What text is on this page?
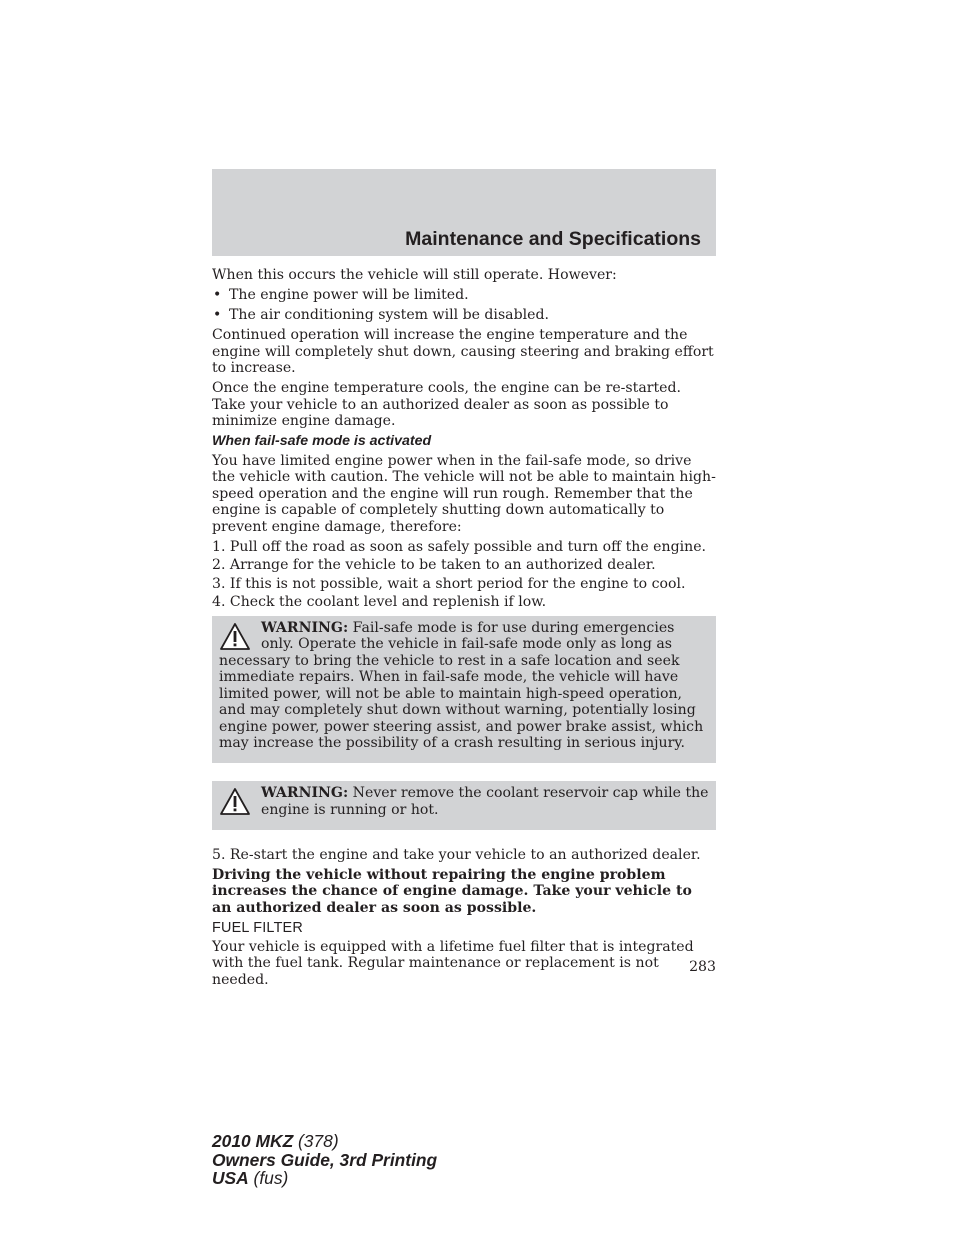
Maintenance and Specifications

When this occurs the vehicle will still operate. However:

• The engine power will be limited.
• The air conditioning system will be disabled.

Continued operation will increase the engine temperature and the engine will completely shut down, causing steering and braking effort to increase.

Once the engine temperature cools, the engine can be re-started. Take your vehicle to an authorized dealer as soon as possible to minimize engine damage.

When fail-safe mode is activated

You have limited engine power when in the fail-safe mode, so drive the vehicle with caution. The vehicle will not be able to maintain high-speed operation and the engine will run rough. Remember that the engine is capable of completely shutting down automatically to prevent engine damage, therefore:

1. Pull off the road as soon as safely possible and turn off the engine.
2. Arrange for the vehicle to be taken to an authorized dealer.
3. If this is not possible, wait a short period for the engine to cool.
4. Check the coolant level and replenish if low.

WARNING: Fail-safe mode is for use during emergencies only. Operate the vehicle in fail-safe mode only as long as necessary to bring the vehicle to rest in a safe location and seek immediate repairs. When in fail-safe mode, the vehicle will have limited power, will not be able to maintain high-speed operation, and may completely shut down without warning, potentially losing engine power, power steering assist, and power brake assist, which may increase the possibility of a crash resulting in serious injury.

WARNING: Never remove the coolant reservoir cap while the engine is running or hot.

5. Re-start the engine and take your vehicle to an authorized dealer.

Driving the vehicle without repairing the engine problem increases the chance of engine damage. Take your vehicle to an authorized dealer as soon as possible.

FUEL FILTER

Your vehicle is equipped with a lifetime fuel filter that is integrated with the fuel tank. Regular maintenance or replacement is not needed.

283
2010 MKZ (378)
Owners Guide, 3rd Printing
USA (fus)
